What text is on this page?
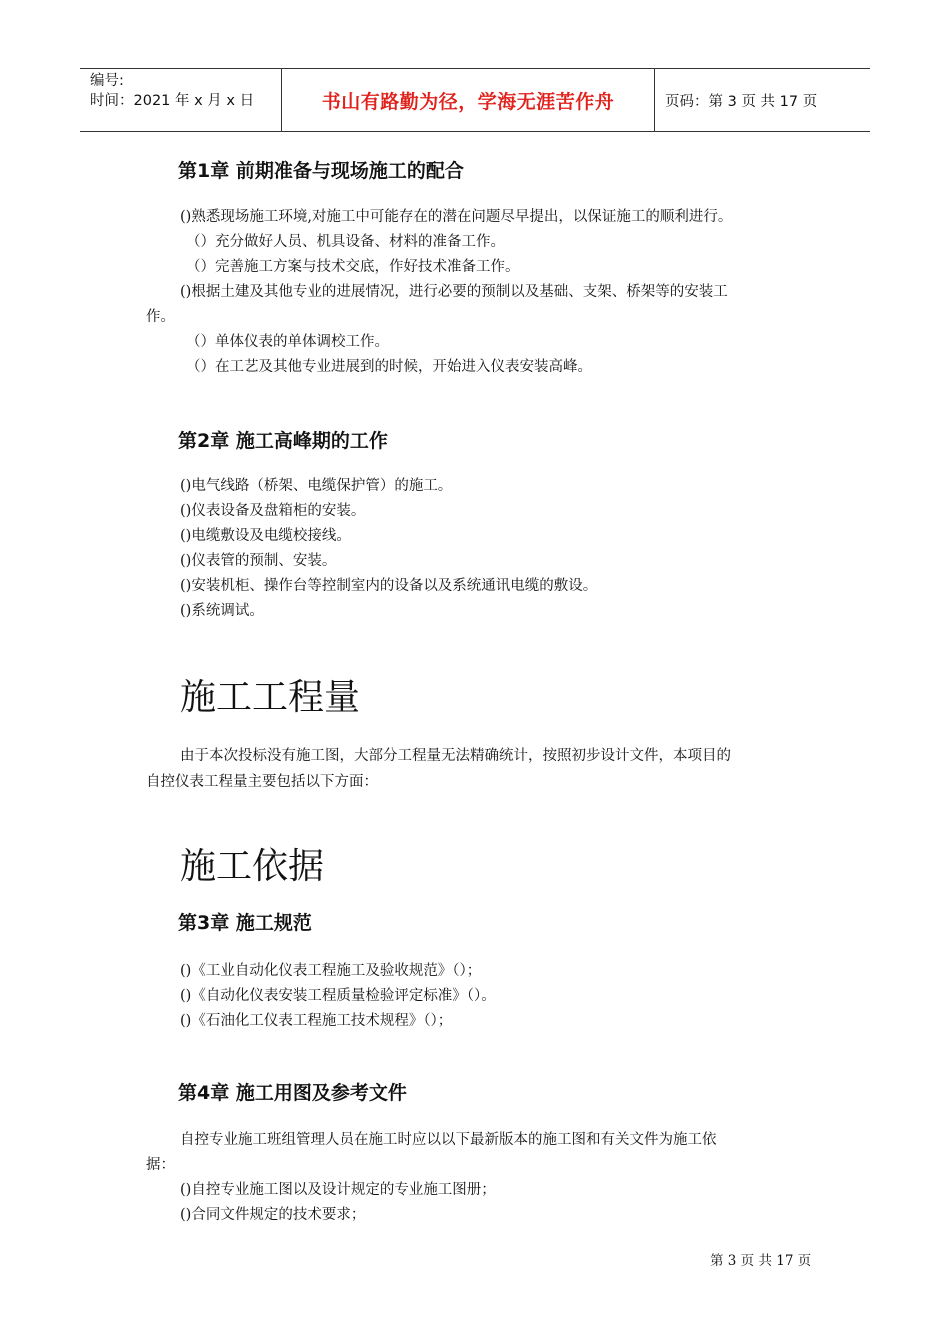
编号:
时间：2021 年 x 月 x 日	书山有路勤为径，学海无涯苦作舟	页码：第 3 页 共 17 页
第1章 前期准备与现场施工的配合
()熟悉现场施工环境,对施工中可能存在的潜在问题尽早提出，以保证施工的顺利进行。
（）充分做好人员、机具设备、材料的准备工作。
（）完善施工方案与技术交底，作好技术准备工作。
()根据土建及其他专业的进展情况，进行必要的预制以及基础、支架、桥架等的安装工
作。
（）单体仪表的单体调校工作。
（）在工艺及其他专业进展到的时候，开始进入仪表安装高峰。
第2章 施工高峰期的工作
()电气线路（桥架、电缆保护管）的施工。
()仪表设备及盘箱柜的安装。
()电缆敷设及电缆校接线。
()仪表管的预制、安装。
()安装机柜、操作台等控制室内的设备以及系统通讯电缆的敷设。
()系统调试。
施工工程量
由于本次投标没有施工图，大部分工程量无法精确统计，按照初步设计文件，本项目的
自控仪表工程量主要包括以下方面：
施工依据
第3章 施工规范
()《工业自动化仪表工程施工及验收规范》（）；
()《自动化仪表安装工程质量检验评定标准》（）。
()《石油化工仪表工程施工技术规程》（）；
第4章 施工用图及参考文件
自控专业施工班组管理人员在施工时应以以下最新版本的施工图和有关文件为施工依
据：
()自控专业施工图以及设计规定的专业施工图册；
()合同文件规定的技术要求；
第 3 页 共 17 页
